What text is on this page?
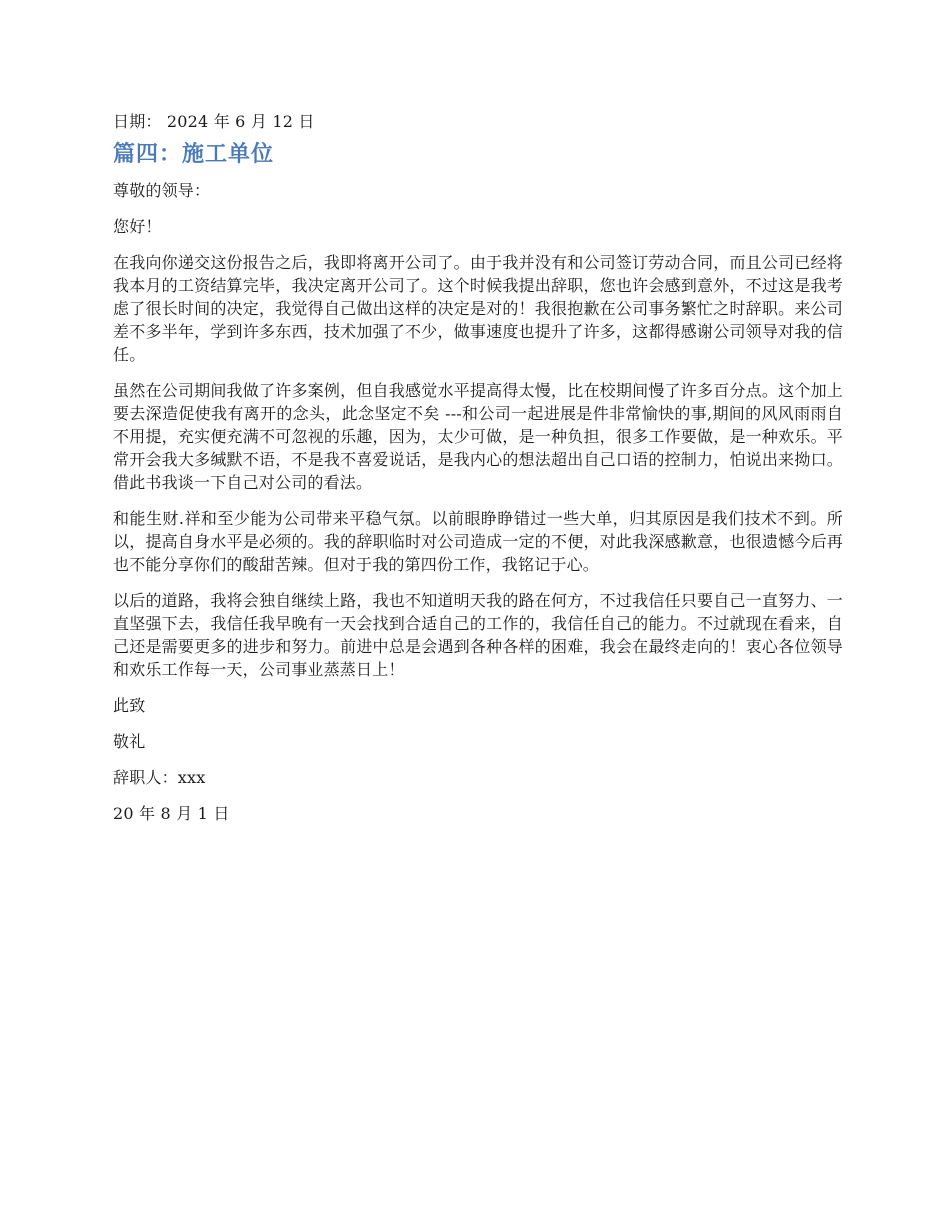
日期： 2024 年 6 月 12 日

篇四：施工单位

尊敬的领导：

您好！

在我向你递交这份报告之后，我即将离开公司了。由于我并没有和公司签订劳动合同，而且公司已经将我本月的工资结算完毕，我决定离开公司了。这个时候我提出辞职，您也许会感到意外，不过这是我考虑了很长时间的决定，我觉得自己做出这样的决定是对的！我很抱歉在公司事务繁忙之时辞职。来公司差不多半年，学到许多东西，技术加强了不少，做事速度也提升了许多，这都得感谢公司领导对我的信任。

虽然在公司期间我做了许多案例，但自我感觉水平提高得太慢，比在校期间慢了许多百分点。这个加上要去深造促使我有离开的念头，此念坚定不矣 ---和公司一起进展是件非常愉快的事,期间的风风雨雨自不用提，充实便充满不可忽视的乐趣，因为，太少可做，是一种负担，很多工作要做，是一种欢乐。平常开会我大多缄默不语，不是我不喜爱说话，是我内心的想法超出自己口语的控制力，怕说出来拗口。借此书我谈一下自己对公司的看法。

和能生财.祥和至少能为公司带来平稳气氛。以前眼睁睁错过一些大单，归其原因是我们技术不到。所以，提高自身水平是必须的。我的辞职临时对公司造成一定的不便，对此我深感歉意，也很遗憾今后再也不能分享你们的酸甜苦辣。但对于我的第四份工作，我铭记于心。

以后的道路，我将会独自继续上路，我也不知道明天我的路在何方，不过我信任只要自己一直努力、一直坚强下去，我信任我早晚有一天会找到合适自己的工作的，我信任自己的能力。不过就现在看来，自己还是需要更多的进步和努力。前进中总是会遇到各种各样的困难，我会在最终走向的！衷心各位领导和欢乐工作每一天，公司事业蒸蒸日上！

此致

敬礼

辞职人：xxx

20 年 8 月 1 日
